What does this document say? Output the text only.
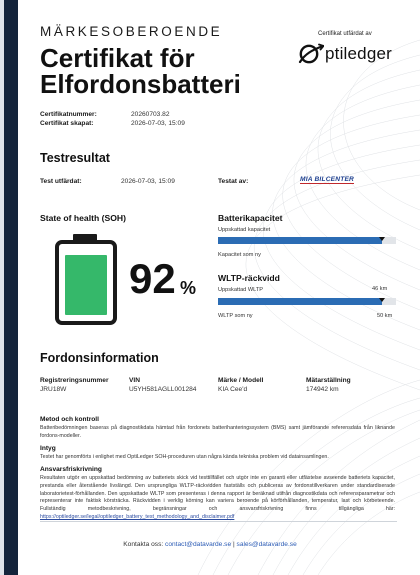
MÄRKESOBEROENDE
Certifikat för
Elfordonsbatteri
Certifikat utfärdat av
ptiledger
Certifikatnummer:	20260703.82
Certifikat skapat:	2026-07-03, 15:09
Testresultat
Test utfärdat:	2026-07-03, 15:09	Testat av:	MIA BILCENTER
State of health (SOH)
92 %
Batterikapacitet
Uppskattad kapacitet
Kapacitet som ny
WLTP-räckvidd
Uppskattad WLTP	46 km
WLTP som ny	50 km
Fordonsinformation
Registreringsnummer
JRU18W
VIN
U5YH581AGLL001284
Märke / Modell
KIA Cee'd
Mätarställning
174942 km
Metod och kontroll
Batteribedömningen baseras på diagnostikdata hämtad från fordonets batterihanteringssystem (BMS) samt jämförande referensdata från liknande fordons-modeller.
Intyg
Testet har genomförts i enlighet med OptiLedger SOH-proceduren utan några kända tekniska problem vid datainsamlingen.
Ansvarsfriskrivning
Resultaten utgör en uppskattad bedömning av batteriets skick vid testtillfället och utgör inte en garanti eller utfästelse avseende batteriets kapacitet, prestanda eller återstående livslängd. Den ursprungliga WLTP-räckvidden fastställs och publiceras av fordonstillverkaren under standardiserade laboratorietest-förhållanden. Den uppskattade WLTP som presenteras i denna rapport är beräknad utifrån diagnostikdata och referensparametrar och representerar inte faktisk körsträcka. Räckvidden i verklig körning kan variera beroende på körförhållanden, temperatur, last och körbeteende. Fullständig metodbeskrivning, begränsningar och ansvarsfriskrivning finns tillgängliga här: https://optiledger.se/legal/optiledger_battery_test_methodology_and_disclaimer.pdf
Kontakta oss: contact@datavarde.se | sales@datavarde.se
